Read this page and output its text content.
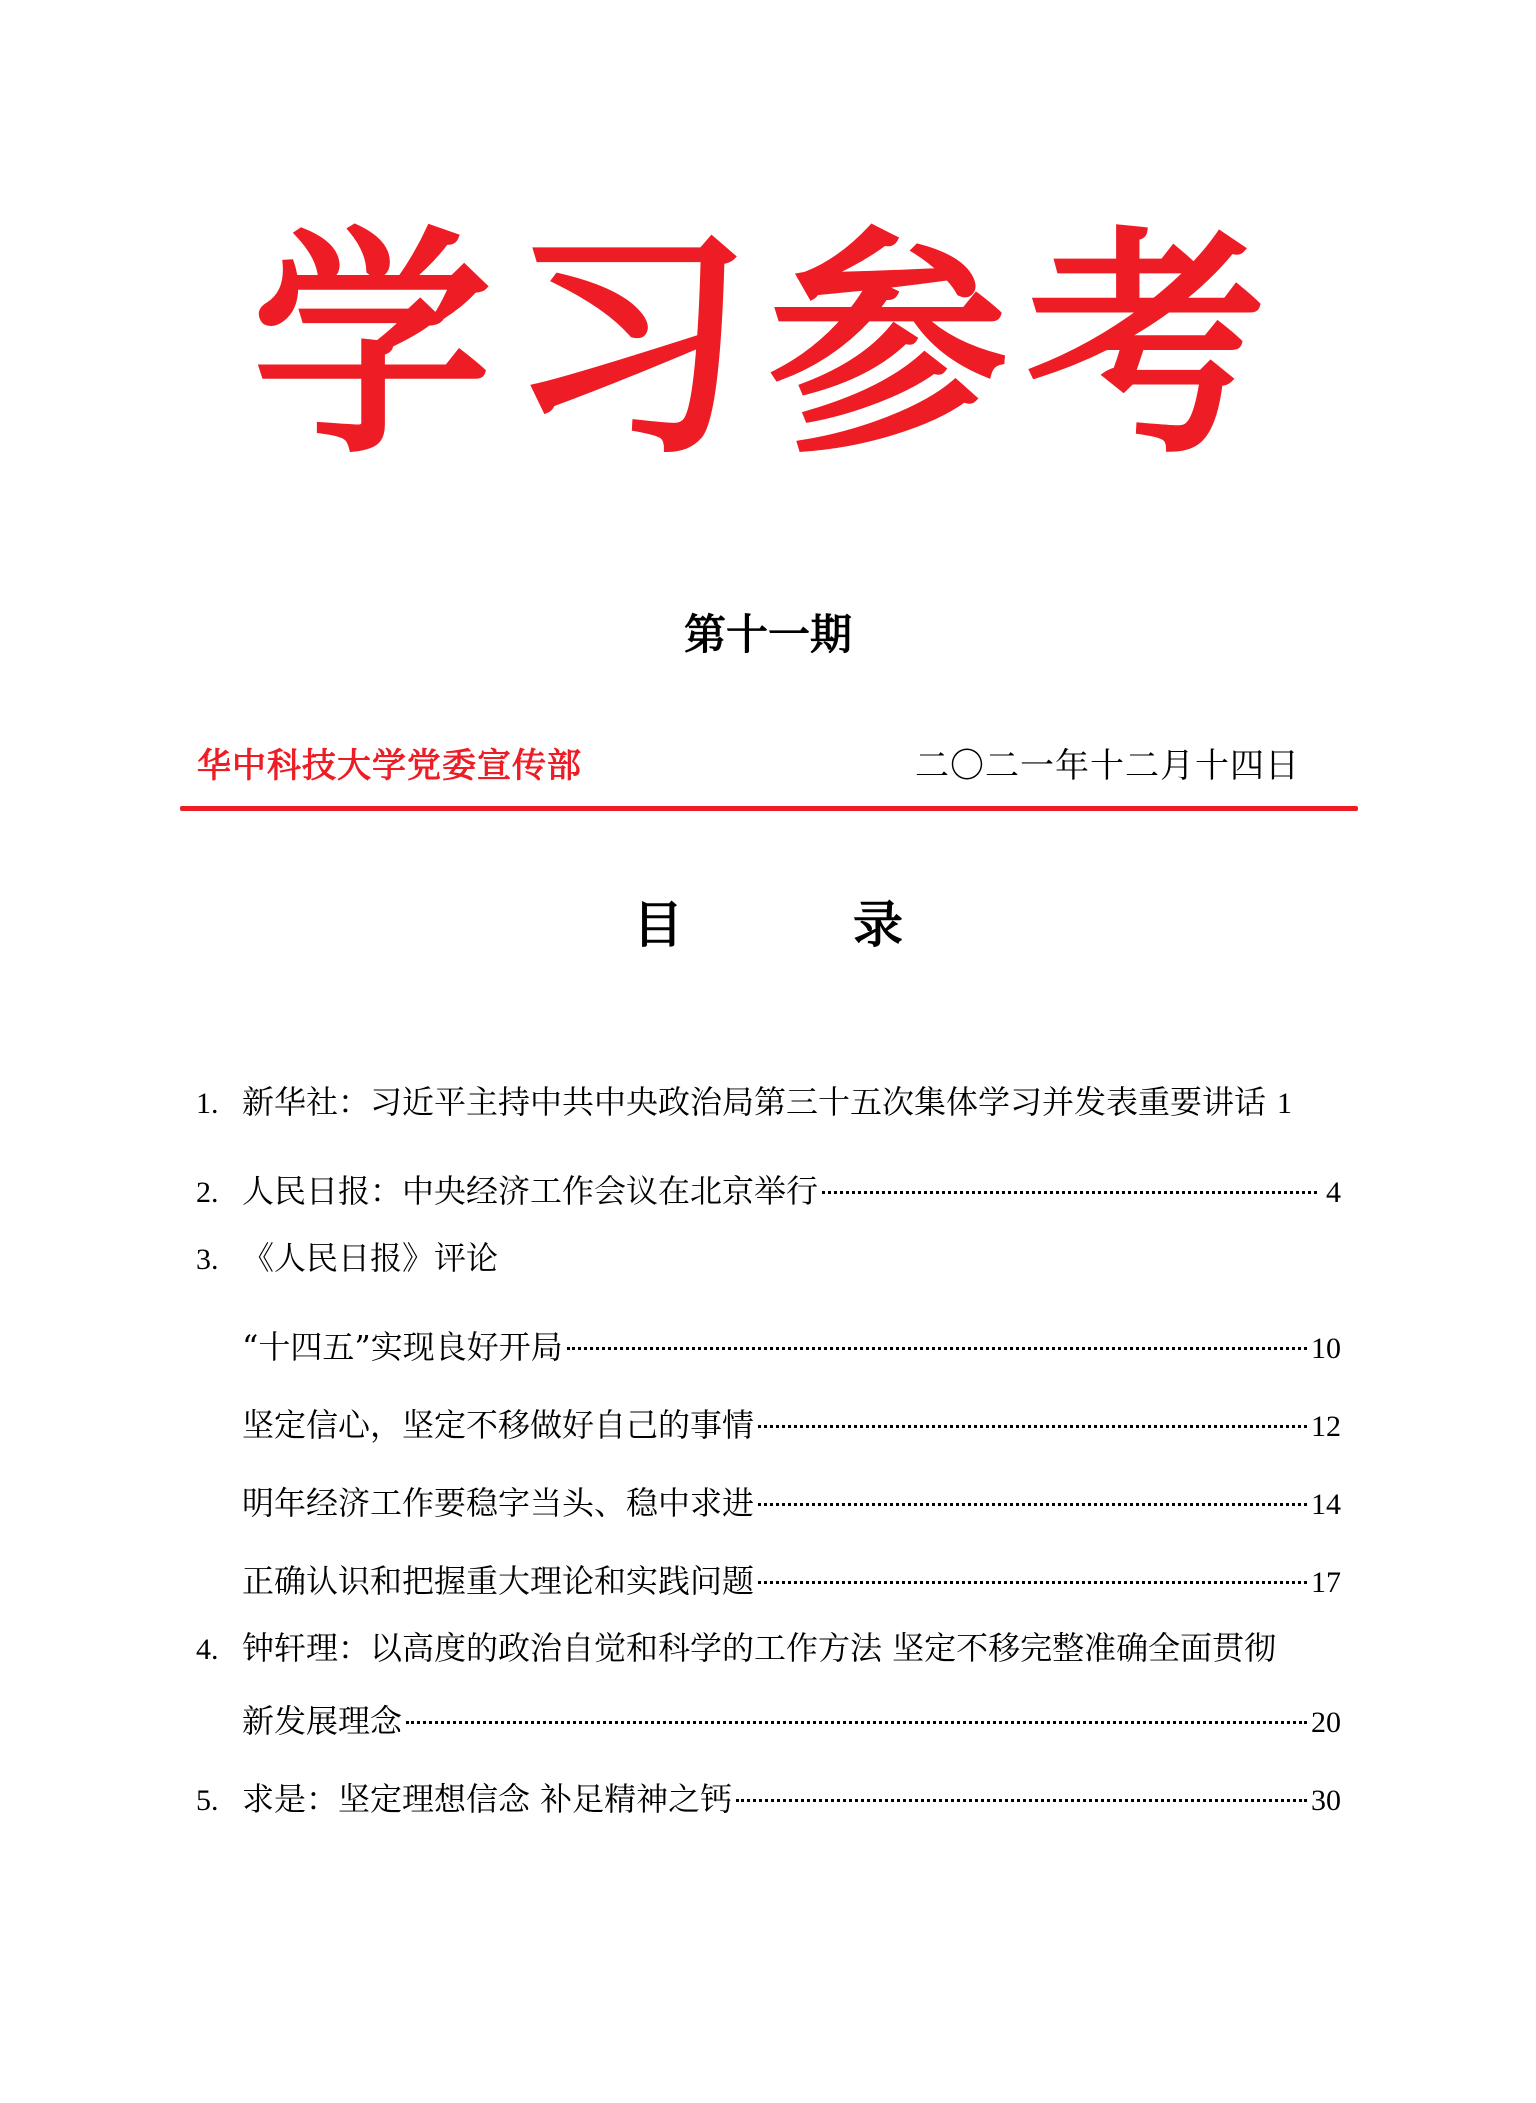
学习参考
第十一期
华中科技大学党委宣传部	二〇二一年十二月十四日
目　录
1. 新华社：习近平主持中共中央政治局第三十五次集体学习并发表重要讲话 1
2. 人民日报：中央经济工作会议在北京举行	4
3. 《人民日报》评论
“十四五”实现良好开局	10
坚定信心，坚定不移做好自己的事情	12
明年经济工作要稳字当头、稳中求进	14
正确认识和把握重大理论和实践问题	17
4. 钟轩理：以高度的政治自觉和科学的工作方法 坚定不移完整准确全面贯彻
新发展理念	20
5. 求是：坚定理想信念 补足精神之钙	30
